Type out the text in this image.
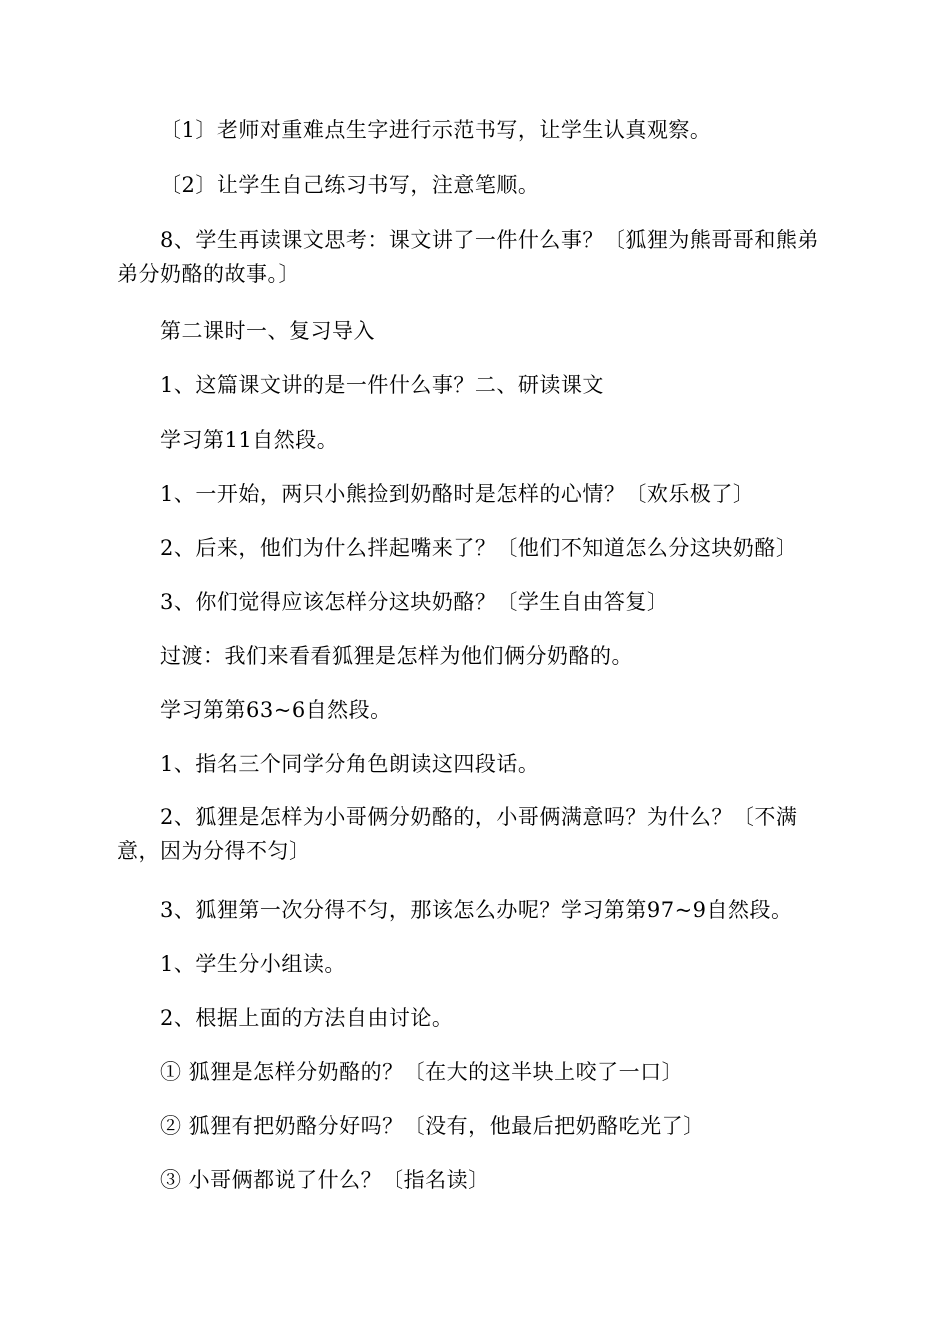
〔1〕老师对重难点生字进行示范书写，让学生认真观察。

〔2〕让学生自己练习书写，注意笔顺。

8、学生再读课文思考：课文讲了一件什么事？〔狐狸为熊哥哥和熊弟弟分奶酪的故事。〕

第二课时一、复习导入

1、这篇课文讲的是一件什么事？二、研读课文

学习第11自然段。

1、一开始，两只小熊捡到奶酪时是怎样的心情？〔欢乐极了〕

2、后来，他们为什么拌起嘴来了？〔他们不知道怎么分这块奶酪〕

3、你们觉得应该怎样分这块奶酪？〔学生自由答复〕

过渡：我们来看看狐狸是怎样为他们俩分奶酪的。

学习第第63~6自然段。

1、指名三个同学分角色朗读这四段话。

2、狐狸是怎样为小哥俩分奶酪的，小哥俩满意吗？为什么？〔不满意，因为分得不匀〕

3、狐狸第一次分得不匀，那该怎么办呢？学习第第97~9自然段。

1、学生分小组读。

2、根据上面的方法自由讨论。

① 狐狸是怎样分奶酪的？〔在大的这半块上咬了一口〕

② 狐狸有把奶酪分好吗？〔没有，他最后把奶酪吃光了〕

③ 小哥俩都说了什么？〔指名读〕
